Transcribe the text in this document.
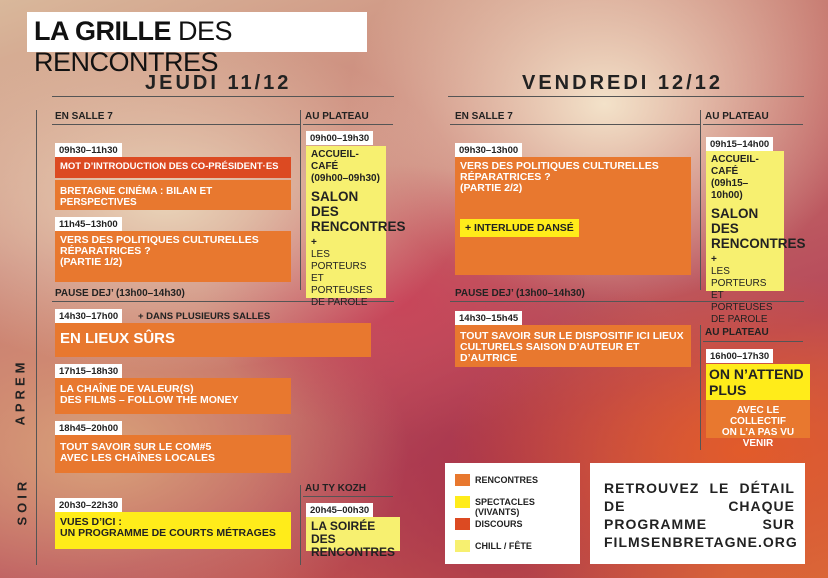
LA GRILLE DES RENCONTRES
JEUDI 11/12	VENDREDI 12/12
APREM
SOIR
EN SALLE 7	AU PLATEAU
09h30–11h30
MOT D’INTRODUCTION DES CO-PRÉSIDENT·ES
BRETAGNE CINÉMA : BILAN ET PERSPECTIVES
11h45–13h00
VERS DES POLITIQUES CULTURELLES
RÉPARATRICES ?
(PARTIE 1/2)
PAUSE DEJ’ (13h00–14h30)
09h00–19h30
ACCUEIL-CAFÉ
(09h00–09h30)
SALON DES RENCONTRES
+
LES PORTEURS ET PORTEUSES DE PAROLE
14h30–17h00	+ DANS PLUSIEURS SALLES
EN LIEUX SÛRS
17h15–18h30
LA CHAÎNE DE VALEUR(S)
DES FILMS – FOLLOW THE MONEY
18h45–20h00
TOUT SAVOIR SUR LE COM#5
AVEC LES CHAÎNES LOCALES
AU TY KOZH
20h30–22h30
VUES D’ICI :
UN PROGRAMME DE COURTS MÉTRAGES
20h45–00h30
LA SOIRÉE DES RENCONTRES
EN SALLE 7	AU PLATEAU
09h30–13h00
VERS DES POLITIQUES CULTURELLES
RÉPARATRICES ?
(PARTIE 2/2)
+ INTERLUDE DANSÉ
09h15–14h00
ACCUEIL-CAFÉ
(09h15–10h00)
SALON DES RENCONTRES
+
LES PORTEURS ET PORTEUSES DE PAROLE
PAUSE DEJ’ (13h00–14h30)
14h30–15h45
TOUT SAVOIR SUR LE DISPOSITIF ICI LIEUX
CULTURELS SAISON D’AUTEUR ET D’AUTRICE
AU PLATEAU
16h00–17h30
ON N’ATTEND PLUS
AVEC LE COLLECTIF
ON L’A PAS VU VENIR
RENCONTRES
SPECTACLES (VIVANTS)
DISCOURS
CHILL / FÊTE
RETROUVEZ LE DÉTAIL DE CHAQUE PROGRAMME SUR FILMSENBRETAGNE.ORG
